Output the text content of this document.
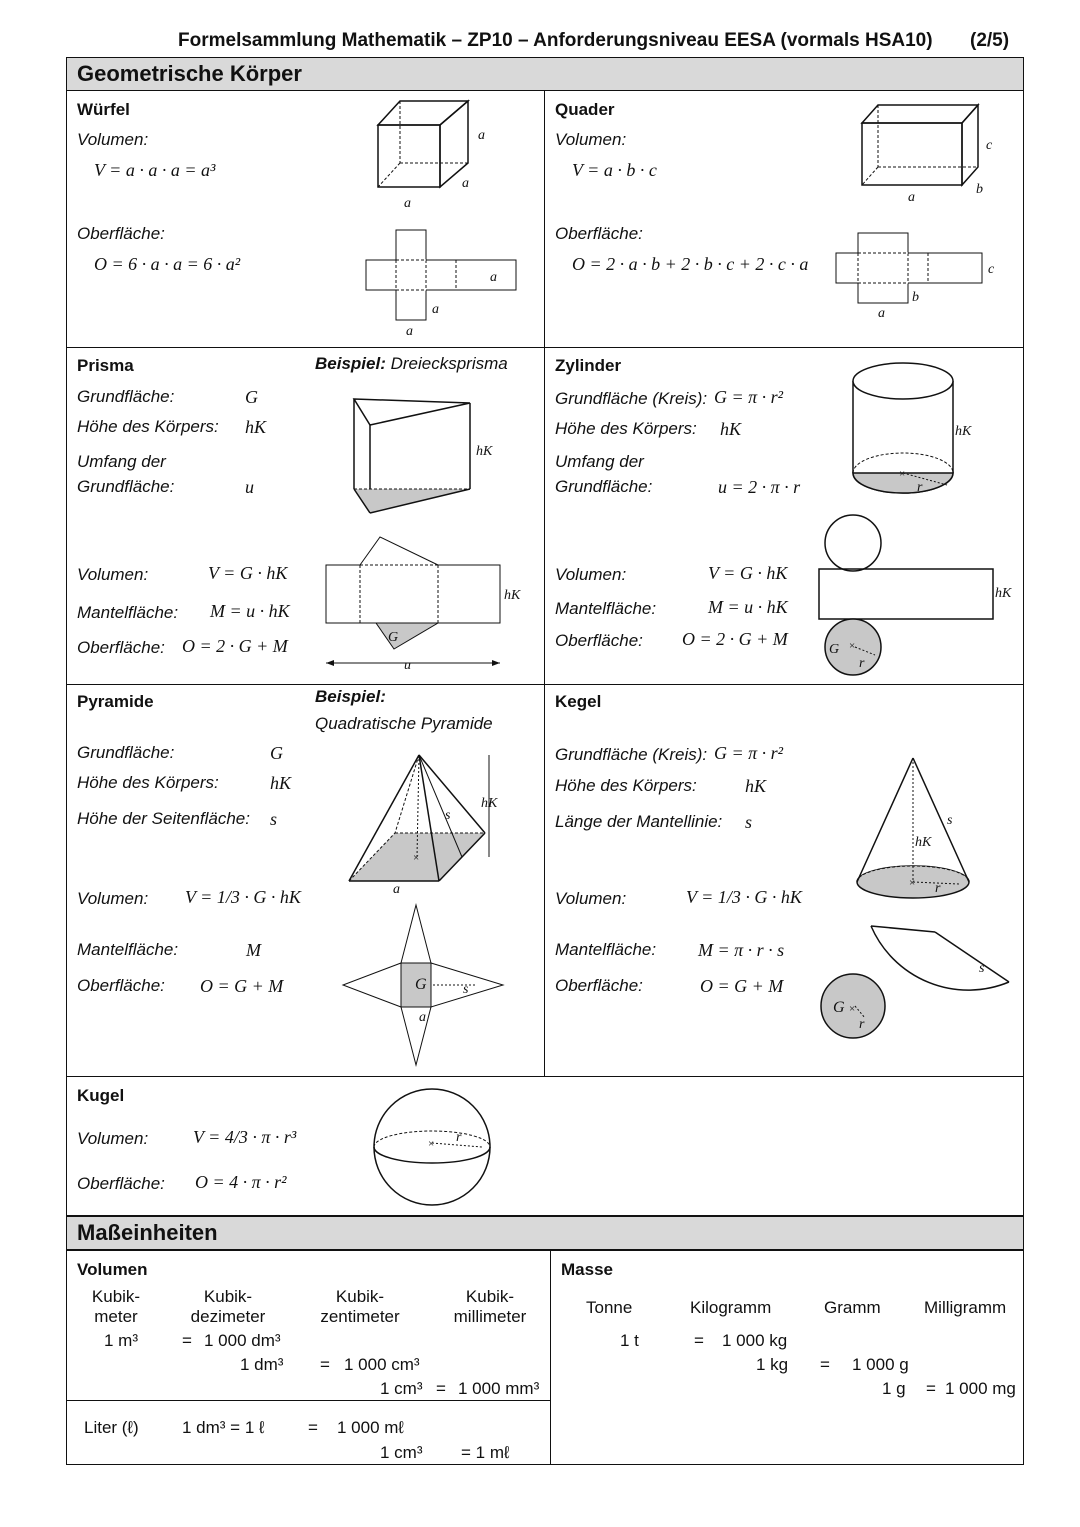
Formelsammlung Mathematik – ZP10 – Anforderungsniveau EESA (vormals HSA10) (2/5)
Geometrische Körper
Würfel
Volumen:
V = a · a · a = a³
Oberfläche:
O = 6 · a · a = 6 · a²
a
a
a
a
a
a
Quader
Volumen:
V = a · b · c
Oberfläche:
O = 2 · a · b + 2 · b · c + 2 · c · a
c
b
a
c
b
a
Prisma	Beispiel: Dreiecksprisma
Grundfläche:	G
Höhe des Körpers: hK
Umfang der
Grundfläche:	u
Volumen:	V = G · hK
Mantelfläche: M = u · hK
Oberfläche: O = 2 · G + M
hK
G
hK
u
Zylinder
Grundfläche (Kreis): G = π · r²
Höhe des Körpers: hK
Umfang der
Grundfläche:	u = 2 · π · r
Volumen:	V = G · hK
Mantelfläche:	M = u · hK
Oberfläche: O = 2 · G + M
×
r
hK
hK
G ×
r
Pyramide	Beispiel:
Quadratische Pyramide
Grundfläche:	G
Höhe des Körpers:	hK
Höhe der Seitenfläche: s
Volumen: V = 1/3 · G · hK
Mantelfläche:	M
Oberfläche: O = G + M
×
s
hK
a
G	s
a
Kegel
Grundfläche (Kreis): G = π · r²
Höhe des Körpers:	hK
Länge der Mantellinie: s
Volumen:	V = 1/3 · G · hK
Mantelfläche: M = π · r · s
Oberfläche:	O = G + M
×
hK
s
r
s
G ×
r
Kugel
Volumen: V = 4/3 · π · r³
Oberfläche: O = 4 · π · r²
× r
Maßeinheiten
Volumen
Kubik-
meter
Kubik-
dezimeter
Kubik-
zentimeter
Kubik-
millimeter
1 m³	= 1 000 dm³
1 dm³ = 1 000 cm³
1 cm³ = 1 000 mm³
Liter (ℓ)	1 dm³ = 1 ℓ	= 1 000 mℓ
1 cm³ = 1 mℓ
Masse
Tonne	Kilogramm	Gramm	Milligramm
1 t	= 1 000 kg
1 kg = 1 000 g
1 g = 1 000 mg
